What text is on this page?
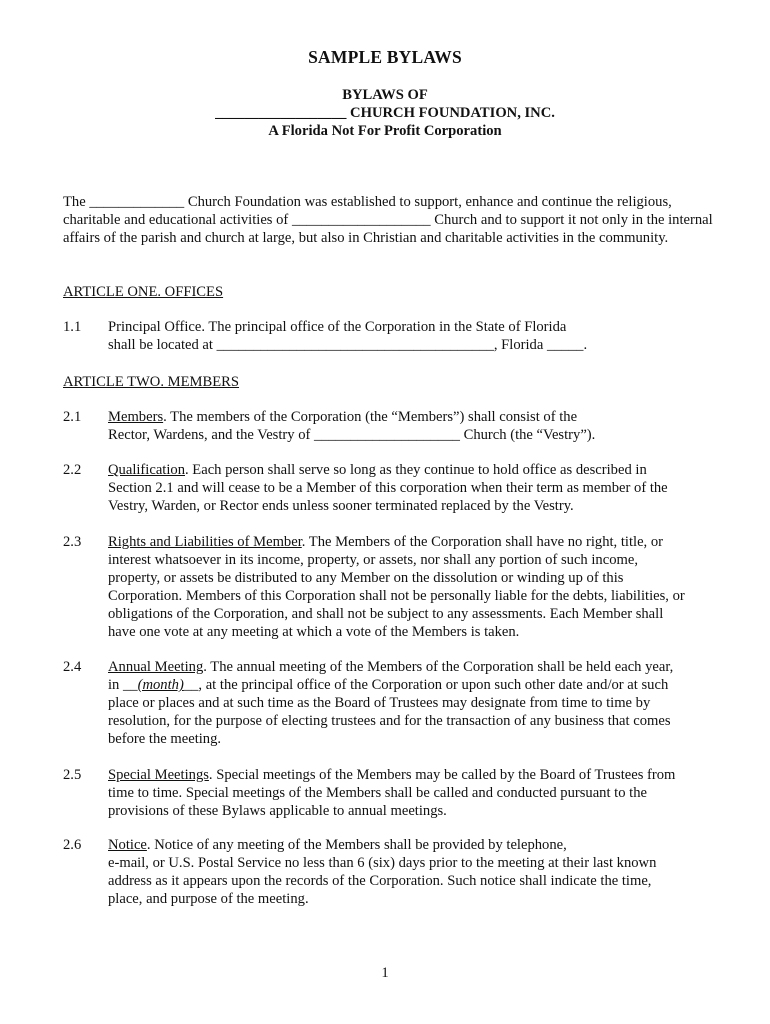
SAMPLE BYLAWS
BYLAWS OF
__________________ CHURCH FOUNDATION, INC.
A Florida Not For Profit Corporation
The _____________ Church Foundation was established to support, enhance and continue the religious, charitable and educational activities of ___________________ Church and to support it not only in the internal affairs of the parish and church at large, but also in Christian and charitable activities in the community.
ARTICLE ONE. OFFICES
1.1 Principal Office. The principal office of the Corporation in the State of Florida
shall be located at ______________________________________, Florida _____.
ARTICLE TWO. MEMBERS
2.1 Members. The members of the Corporation (the “Members”) shall consist of the
Rector, Wardens, and the Vestry of ____________________ Church (the “Vestry”).
2.2 Qualification. Each person shall serve so long as they continue to hold office as described in
Section 2.1 and will cease to be a Member of this corporation when their term as member of the
Vestry, Warden, or Rector ends unless sooner terminated replaced by the Vestry.
2.3 Rights and Liabilities of Member. The Members of the Corporation shall have no right, title, or
interest whatsoever in its income, property, or assets, nor shall any portion of such income,
property, or assets be distributed to any Member on the dissolution or winding up of this
Corporation. Members of this Corporation shall not be personally liable for the debts, liabilities, or
obligations of the Corporation, and shall not be subject to any assessments. Each Member shall
have one vote at any meeting at which a vote of the Members is taken.
2.4 Annual Meeting. The annual meeting of the Members of the Corporation shall be held each year,
in __(month)__, at the principal office of the Corporation or upon such other date and/or at such
place or places and at such time as the Board of Trustees may designate from time to time by
resolution, for the purpose of electing trustees and for the transaction of any business that comes
before the meeting.
2.5 Special Meetings. Special meetings of the Members may be called by the Board of Trustees from
time to time. Special meetings of the Members shall be called and conducted pursuant to the
provisions of these Bylaws applicable to annual meetings.
2.6 Notice. Notice of any meeting of the Members shall be provided by telephone,
e-mail, or U.S. Postal Service no less than 6 (six) days prior to the meeting at their last known
address as it appears upon the records of the Corporation. Such notice shall indicate the time,
place, and purpose of the meeting.
1
